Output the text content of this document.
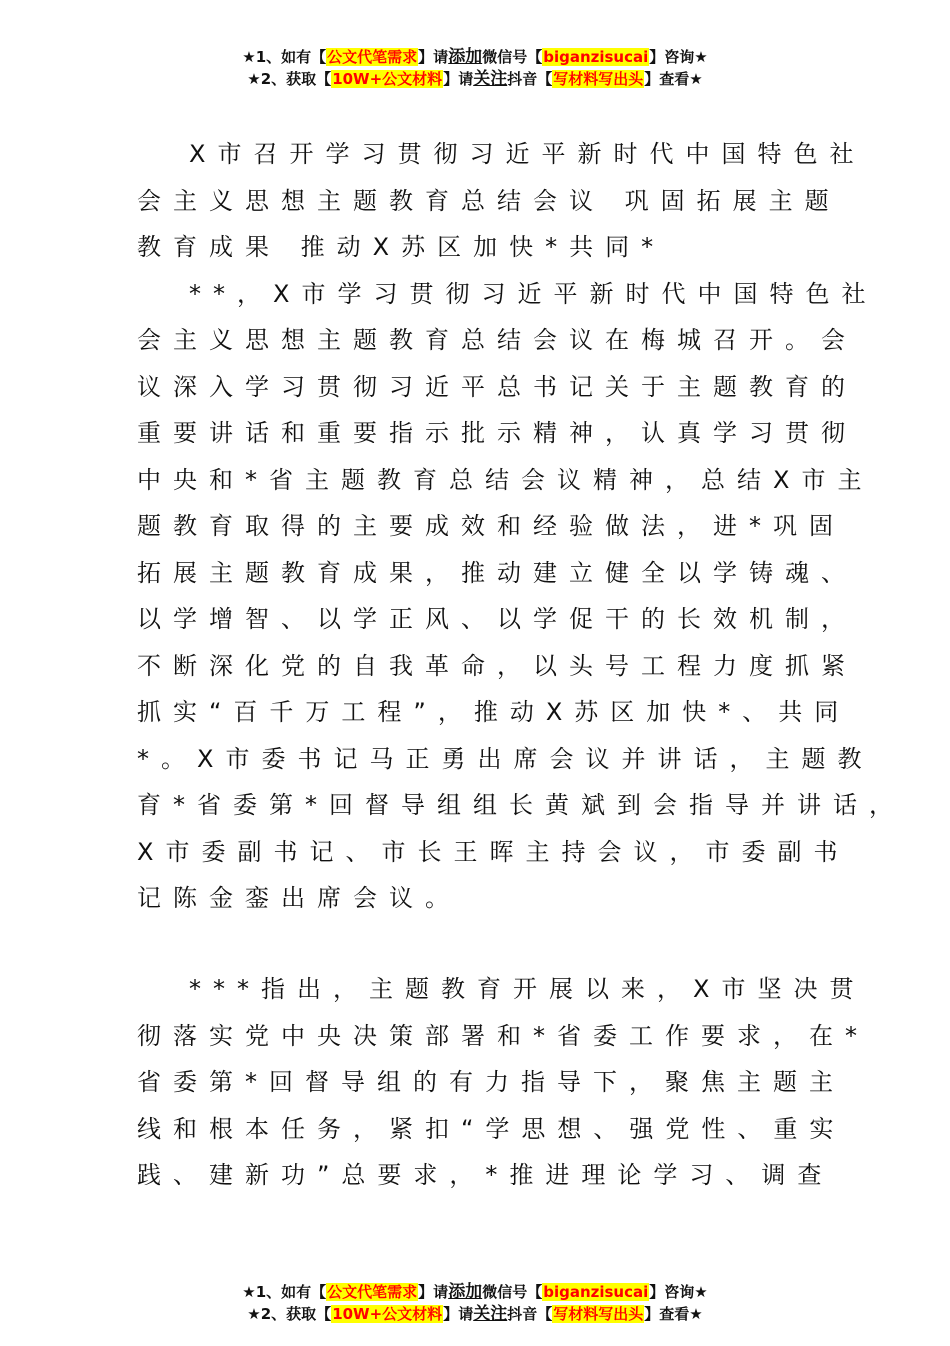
★1、如有【公文代笔需求】请添加微信号【biganzisucai】咨询★
★2、获取【10W+公文材料】请关注抖音【写材料写出头】查看★
X市召开学习贯彻习近平新时代中国特色社
会主义思想主题教育总结会议 巩固拓展主题
教育成果 推动X苏区加快*共同*
**，X市学习贯彻习近平新时代中国特色社
会主义思想主题教育总结会议在梅城召开。会
议深入学习贯彻习近平总书记关于主题教育的
重要讲话和重要指示批示精神，认真学习贯彻
中央和*省主题教育总结会议精神，总结X市主
题教育取得的主要成效和经验做法，进*巩固
拓展主题教育成果，推动建立健全以学铸魂、
以学增智、以学正风、以学促干的长效机制，
不断深化党的自我革命，以头号工程力度抓紧
抓实“百千万工程”，推动X苏区加快*、共同
*。X市委书记马正勇出席会议并讲话，主题教
育*省委第*回督导组组长黄斌到会指导并讲话，
X市委副书记、市长王晖主持会议，市委副书
记陈金銮出席会议。
***指出，主题教育开展以来，X市坚决贯
彻落实党中央决策部署和*省委工作要求，在*
省委第*回督导组的有力指导下，聚焦主题主
线和根本任务，紧扣“学思想、强党性、重实
践、建新功”总要求，*推进理论学习、调查
★1、如有【公文代笔需求】请添加微信号【biganzisucai】咨询★
★2、获取【10W+公文材料】请关注抖音【写材料写出头】查看★
